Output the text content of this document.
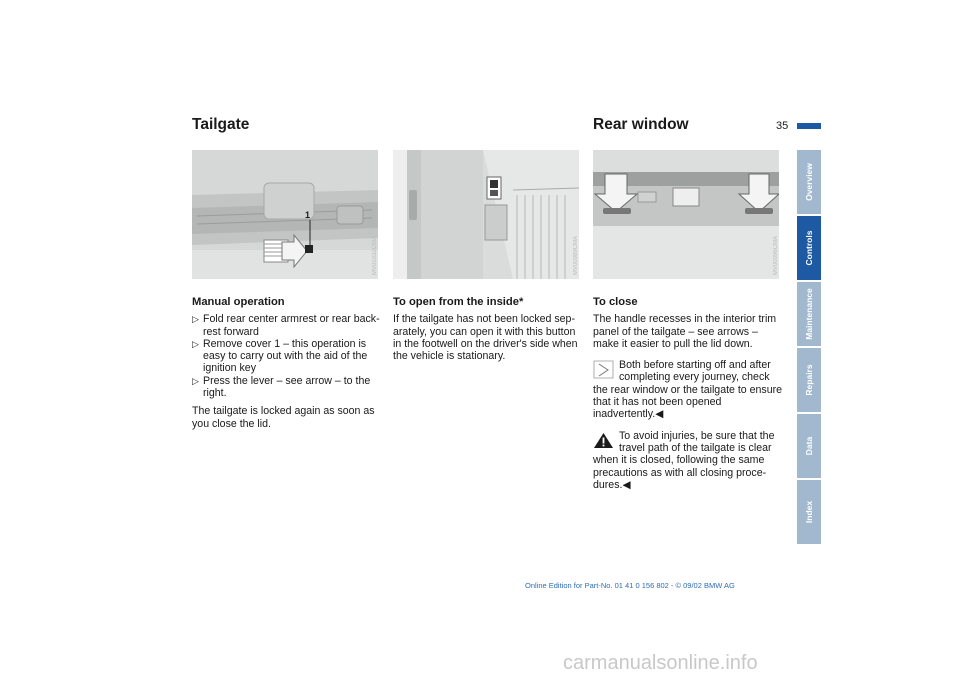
Tailgate	Rear window	35
1
MV01032CMA	MV00989CMA	MV00096CMA
Manual operation
▷ Fold rear center armrest or rear back-rest forward
▷ Remove cover 1 – this operation is easy to carry out with the aid of the ignition key
▷ Press the lever – see arrow – to the right.

The tailgate is locked again as soon as you close the lid.

To open from the inside*

If the tailgate has not been locked sep-arately, you can open it with this button in the footwell on the driver's side when the vehicle is stationary.

To close

The handle recesses in the interior trim panel of the tailgate – see arrows – make it easier to pull the lid down.

Both before starting off and after completing every journey, check
the rear window or the tailgate to ensure that it has not been opened inadvertently.◀
To avoid injuries, be sure that the travel path of the tailgate is clear
when it is closed, following the same precautions as with all closing proce-dures.◀
Overview
Controls
Maintenance
Repairs
Data
Index
Online Edition for Part-No. 01 41 0 156 802 - © 09/02 BMW AG
carmanualsonline.info
